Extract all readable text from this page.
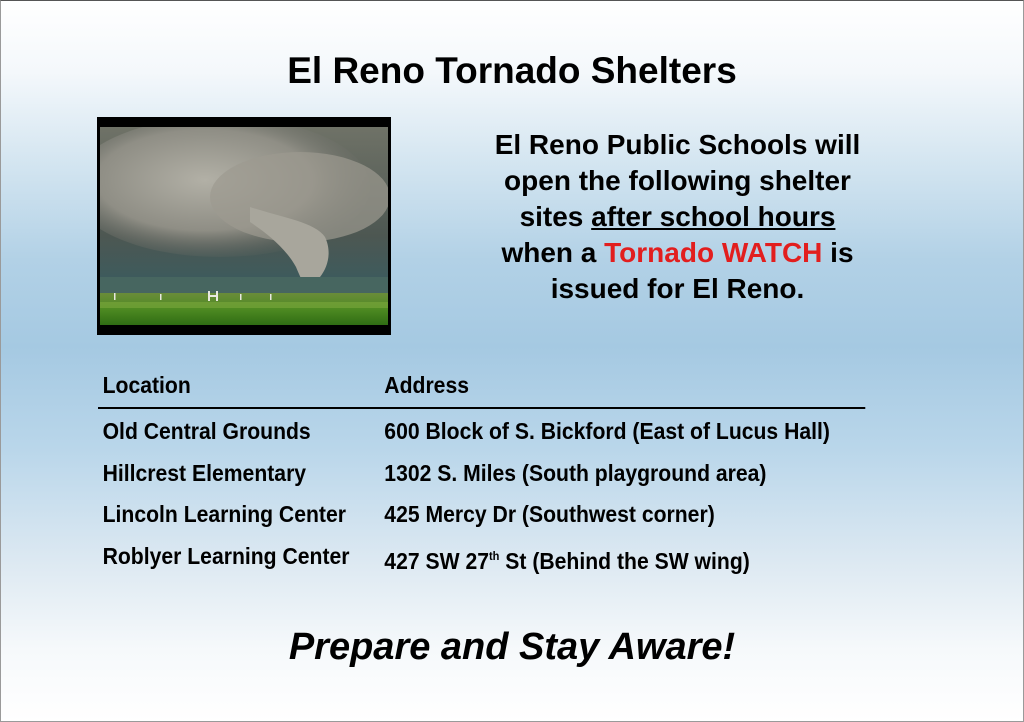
El Reno Tornado Shelters
El Reno Public Schools will
open the following shelter
sites after school hours
when a Tornado WATCH is
issued for El Reno.
Location	Address
Old Central Grounds	600 Block of S. Bickford (East of Lucus Hall)
Hillcrest Elementary	1302 S. Miles (South playground area)
Lincoln Learning Center	425 Mercy Dr (Southwest corner)
Roblyer Learning Center	427 SW 27th St (Behind the SW wing)
Prepare and Stay Aware!
